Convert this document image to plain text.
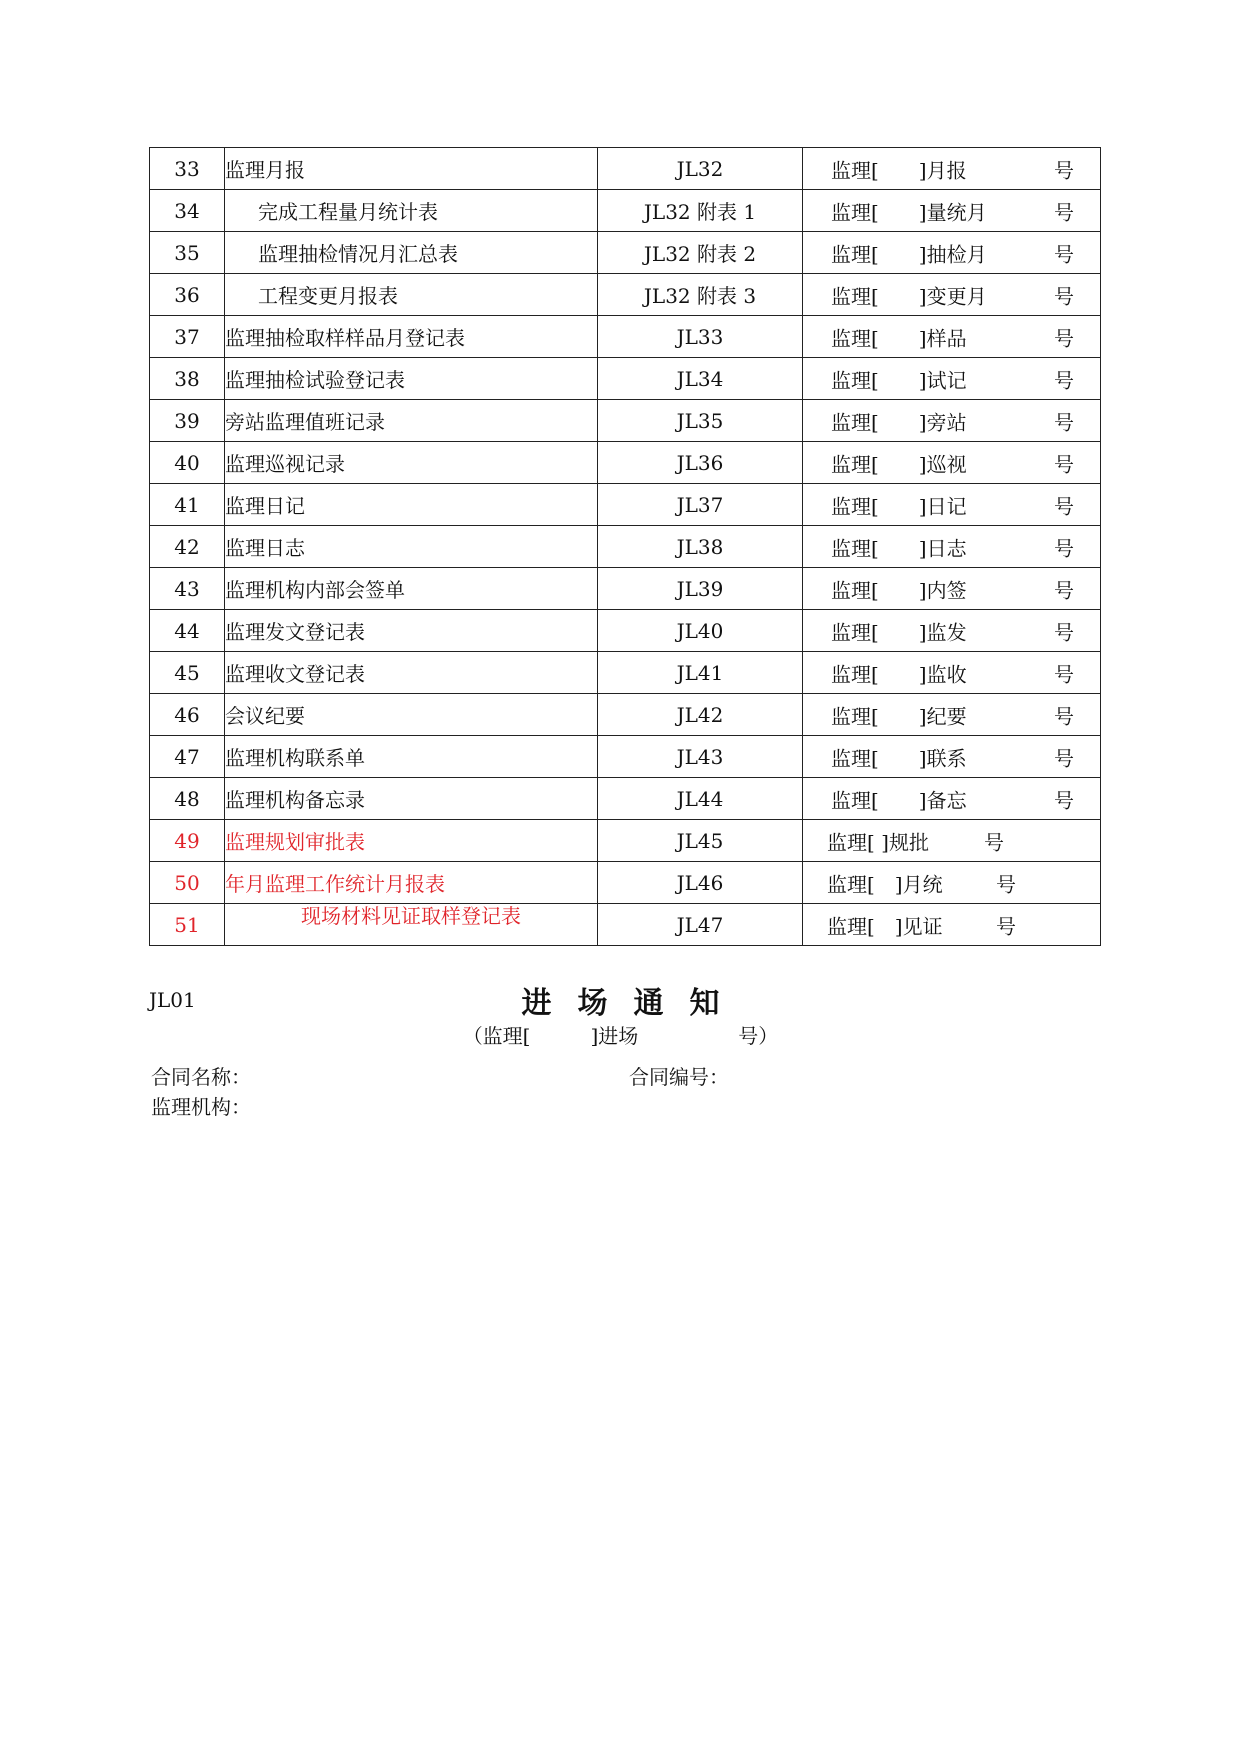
33	监理月报	JL32	监理[　　]月报 号

34	完成工程量月统计表	JL32 附表 1	监理[　　]量统月 号

35	监理抽检情况月汇总表	JL32 附表 2	监理[　　]抽检月 号

36	工程变更月报表	JL32 附表 3	监理[　　]变更月 号

37	监理抽检取样样品月登记表	JL33	监理[　　]样品 号

38	监理抽检试验登记表	JL34	监理[　　]试记 号

39	旁站监理值班记录	JL35	监理[　　]旁站 号

40	监理巡视记录	JL36	监理[　　]巡视 号

41	监理日记	JL37	监理[　　]日记 号

42	监理日志	JL38	监理[　　]日志 号

43	监理机构内部会签单	JL39	监理[　　]内签 号

44	监理发文登记表	JL40	监理[　　]监发 号

45	监理收文登记表	JL41	监理[　　]监收 号

46	会议纪要	JL42	监理[　　]纪要 号

47	监理机构联系单	JL43	监理[　　]联系 号

48	监理机构备忘录	JL44	监理[　　]备忘 号

49	监理规划审批表	JL45	监理[ ]规批 号

50	年月监理工作统计月报表	JL46	监理[　]月统 号

51	现场材料见证取样登记表	JL47	监理[　]见证 号
JL01	进场通知
（监理[　　　]进场　　　　　号）
合同名称：	合同编号：
监理机构：
